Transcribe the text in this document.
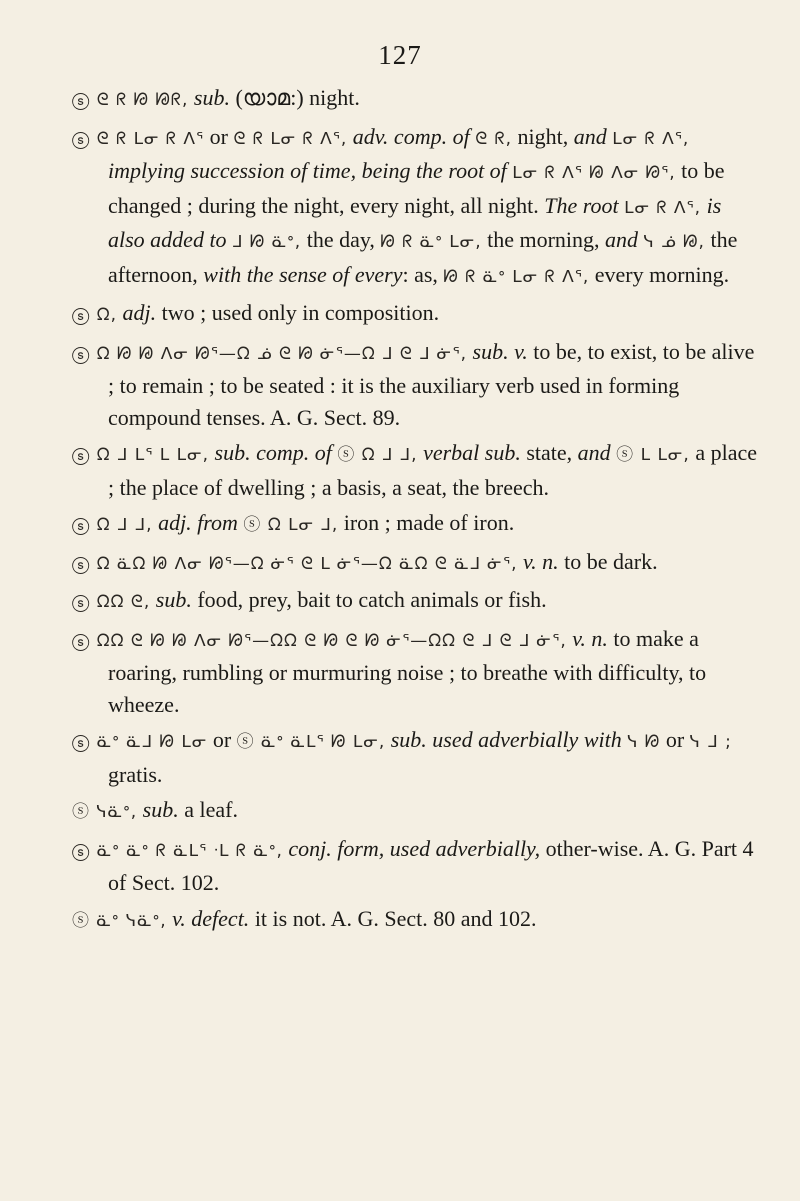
127

ⓢ ᘓ ᖇ ᘙ ᘘᖇ, sub. (യാമ:) night.

ⓢ ᘓ ᖇ ᒪᓂ ᖇ ᐱᕐ or ᘓ ᖇ ᒪᓂ ᖇ ᐱᕐ, adv. comp. of ᘓ ᖇ, night, and ᒪᓂ ᖇ ᐱᕐ, implying succession of time, being the root of ᒪᓂ ᖇ ᐱᕐ ᘘ ᐱᓂ ᘙᕐ, to be changed ; during the night, every night, all night. The root ᒪᓂ ᖇ ᐱᕐ, is also added to ᒧ ᘙ ᓏᐤ, the day, ᘙ ᖇ ᓏᐤ ᒪᓂ, the morning, and ᓭ ᓅ ᘘ, the afternoon, with the sense of every: as, ᘙ ᖇ ᓏᐤ ᒪᓂ ᖇ ᐱᕐ, every morning.

ⓢ ᘯ, adj. two ; used only in composition.

ⓢ ᘯ ᘙ ᘘ ᐱᓂ ᘙᕐ—ᘯ ᓅ ᘓ ᘙ ᓃᕐ—ᘯ ᒧ ᘓ ᒧ ᓃᕐ, sub. v. to be, to exist, to be alive ; to remain ; to be seated : it is the auxiliary verb used in forming compound tenses. A. G. Sect. 89.

ⓢ ᘯ ᒧ ᒪᕐ ᒪ ᒪᓂ, sub. comp. of ⓢ ᘯ ᒧ ᒧ, verbal sub. state, and ⓢ ᒪ ᒪᓂ, a place ; the place of dwelling ; a basis, a seat, the breech.

ⓢ ᘯ ᒧ ᒧ, adj. from ⓢ ᘯ ᒪᓂ ᒧ, iron ; made of iron.

ⓢ ᘯ ᓏᘯ ᘘ ᐱᓂ ᘙᕐ—ᘯ ᓃᕐ ᘓ ᒪ ᓃᕐ—ᘯ ᓏᘯ ᘓ ᓏᒧ ᓃᕐ, v. n. to be dark.

ⓢ ᘯᘯ ᘓ, sub. food, prey, bait to catch animals or fish.

ⓢ ᘯᘯ ᘓ ᘙ ᘘ ᐱᓂ ᘙᕐ—ᘯᘯ ᘓ ᘙ ᘓ ᘙ ᓃᕐ—ᘯᘯ ᘓ ᒧ ᘓ ᒧ ᓃᕐ, v. n. to make a roaring, rumbling or murmuring noise ; to breathe with difficulty, to wheeze.

ⓢ ᓏᐤ ᓏᒧ ᘙ ᒪᓂ or ⓢ ᓏᐤ ᓏᒪᕐ ᘙ ᒪᓂ, sub. used adverbially with ᓭ ᘙ or ᓭ ᒧ ; gratis.

ⓢ ᓭᓏᐤ, sub. a leaf.

ⓢ ᓏᐤ ᓏᐤ ᖇ ᓏᒪᕐ ᐧᒪ ᖇ ᓏᐤ, conj. form, used adverbially, other-wise. A. G. Part 4 of Sect. 102.

ⓢ ᓏᐤ ᓭᓏᐤ, v. defect. it is not. A. G. Sect. 80 and 102.
